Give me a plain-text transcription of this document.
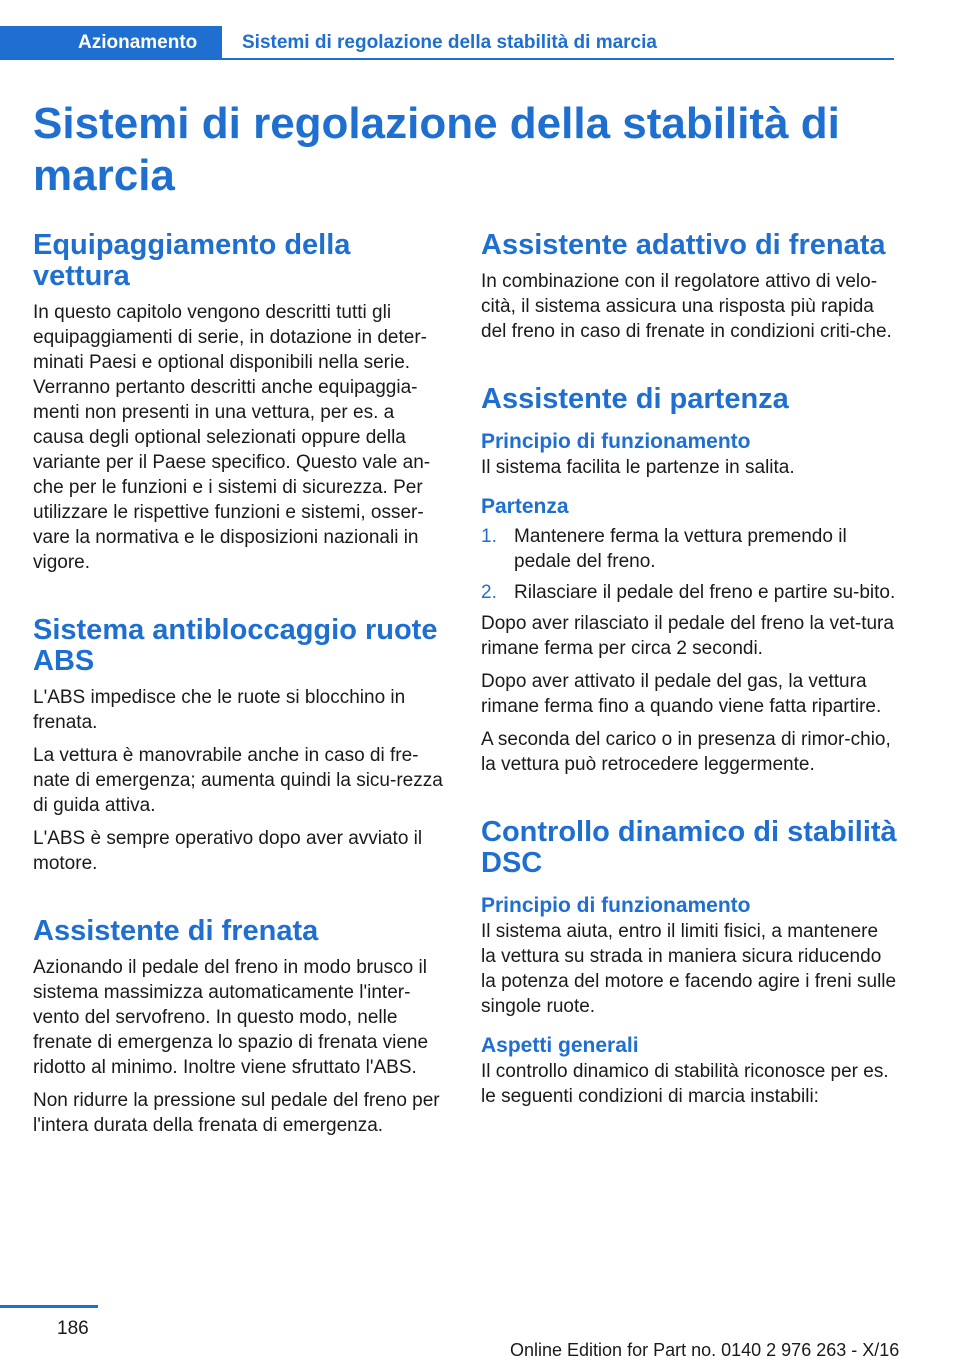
Azionamento	Sistemi di regolazione della stabilità di marcia
Sistemi di regolazione della stabilità di marcia
Equipaggiamento della vettura

In questo capitolo vengono descritti tutti gli equipaggiamenti di serie, in dotazione in deter-minati Paesi e optional disponibili nella serie. Verranno pertanto descritti anche equipaggia-menti non presenti in una vettura, per es. a causa degli optional selezionati oppure della variante per il Paese specifico. Questo vale an-che per le funzioni e i sistemi di sicurezza. Per utilizzare le rispettive funzioni e sistemi, osser-vare la normativa e le disposizioni nazionali in vigore.

Sistema antibloccaggio ruote ABS

L'ABS impedisce che le ruote si blocchino in frenata.

La vettura è manovrabile anche in caso di fre-nate di emergenza; aumenta quindi la sicu-rezza di guida attiva.

L'ABS è sempre operativo dopo aver avviato il motore.

Assistente di frenata

Azionando il pedale del freno in modo brusco il sistema massimizza automaticamente l'inter-vento del servofreno. In questo modo, nelle frenate di emergenza lo spazio di frenata viene ridotto al minimo. Inoltre viene sfruttato l'ABS.

Non ridurre la pressione sul pedale del freno per l'intera durata della frenata di emergenza.

Assistente adattivo di frenata

In combinazione con il regolatore attivo di velo-cità, il sistema assicura una risposta più rapida del freno in caso di frenate in condizioni criti-che.

Assistente di partenza
Principio di funzionamento

Il sistema facilita le partenze in salita.

Partenza
1. Mantenere ferma la vettura premendo il pedale del freno.
2. Rilasciare il pedale del freno e partire su-bito.

Dopo aver rilasciato il pedale del freno la vet-tura rimane ferma per circa 2 secondi.

Dopo aver attivato il pedale del gas, la vettura rimane ferma fino a quando viene fatta ripartire.

A seconda del carico o in presenza di rimor-chio, la vettura può retrocedere leggermente.

Controllo dinamico di stabilità DSC
Principio di funzionamento

Il sistema aiuta, entro il limiti fisici, a mantenere la vettura su strada in maniera sicura riducendo la potenza del motore e facendo agire i freni sulle singole ruote.

Aspetti generali

Il controllo dinamico di stabilità riconosce per es. le seguenti condizioni di marcia instabili:

186
Online Edition for Part no. 0140 2 976 263 - X/16
